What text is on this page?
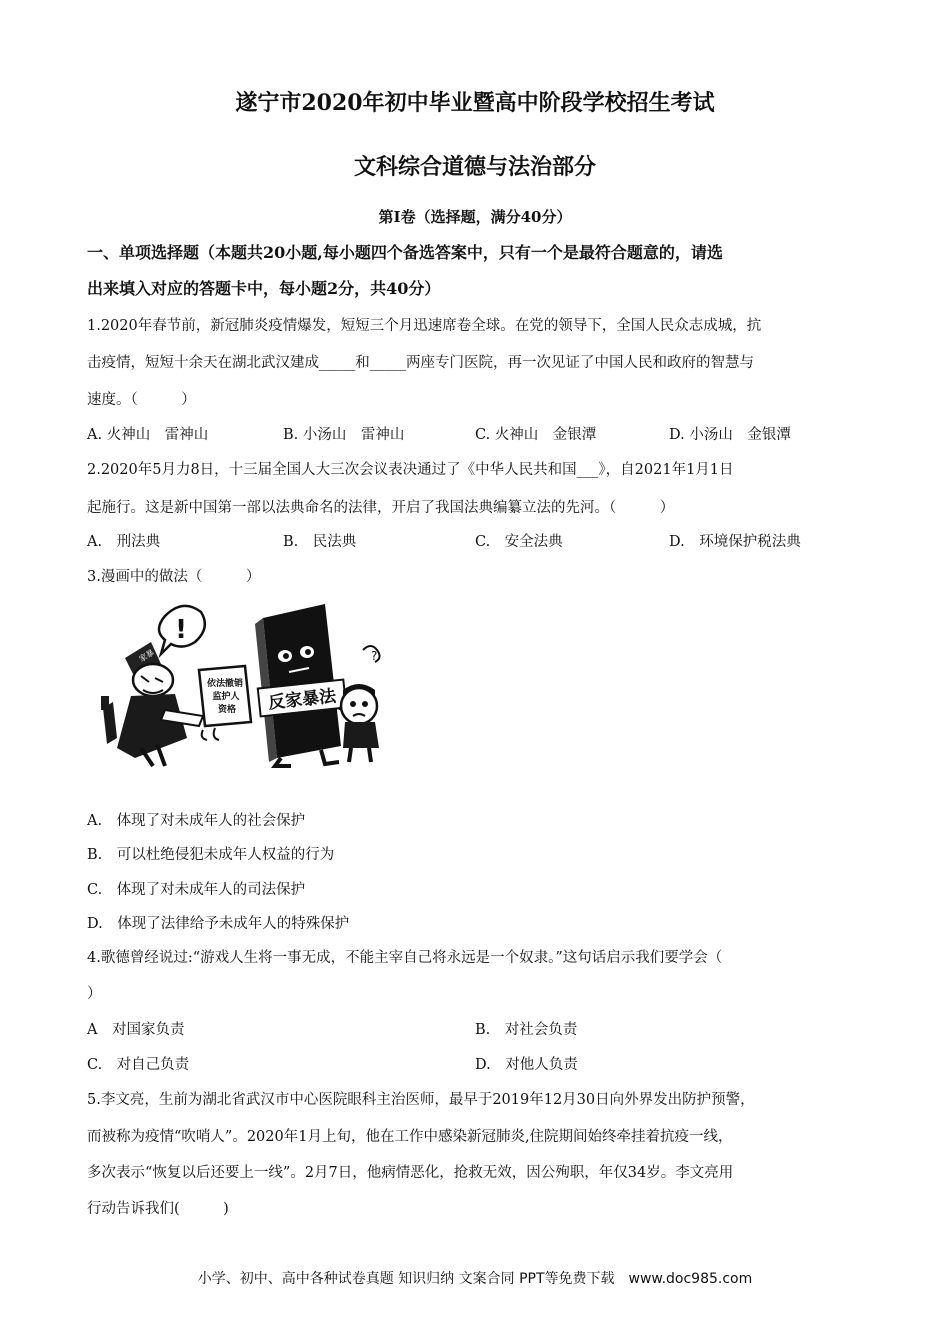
遂宁市2020年初中毕业暨高中阶段学校招生考试
文科综合道德与法治部分
第Ⅰ卷（选择题，满分40分）
一、单项选择题（本题共20小题,每小题四个备选答案中，只有一个是最符合题意的，请选
出来填入对应的答题卡中，每小题2分，共40分）
1.2020年春节前，新冠肺炎疫情爆发，短短三个月迅速席卷全球。在党的领导下，全国人民众志成城，抗
击疫情，短短十余天在湖北武汉建成_____和_____两座专门医院，再一次见证了中国人民和政府的智慧与
速度。（　　　）
A. 火神山　雷神山	B. 小汤山　雷神山	C. 火神山　金银潭	D. 小汤山　金银潭
2.2020年5月力8日，十三届全国人大三次会议表决通过了《中华人民共和国___》，自2021年1月1日
起施行。这是新中国第一部以法典命名的法律，开启了我国法典编纂立法的先河。（　　　）
A.　刑法典	B.　民法典	C.　安全法典	D.　环境保护税法典
3.漫画中的做法（　　　）
!
家暴
依法撤销
监护人
资格 反家暴法
?
A.　体现了对未成年人的社会保护
B.　可以杜绝侵犯未成年人权益的行为
C.　体现了对未成年人的司法保护
D.　体现了法律给予未成年人的特殊保护
4.歌德曾经说过:“游戏人生将一事无成，不能主宰自己将永远是一个奴隶。”这句话启示我们要学会（
）
A　对国家负责	B.　对社会负责
C.　对自己负责	D.　对他人负责
5.李文亮，生前为湖北省武汉市中心医院眼科主治医师，最早于2019年12月30日向外界发出防护预警，
而被称为疫情“吹哨人”。2020年1月上旬，他在工作中感染新冠肺炎,住院期间始终牵挂着抗疫一线，
多次表示“恢复以后还要上一线”。2月7日，他病情恶化，抢救无效，因公殉职，年仅34岁。李文亮用
行动告诉我们(　　　)
小学、初中、高中各种试卷真题 知识归纳 文案合同 PPT等免费下载　www.doc985.com
